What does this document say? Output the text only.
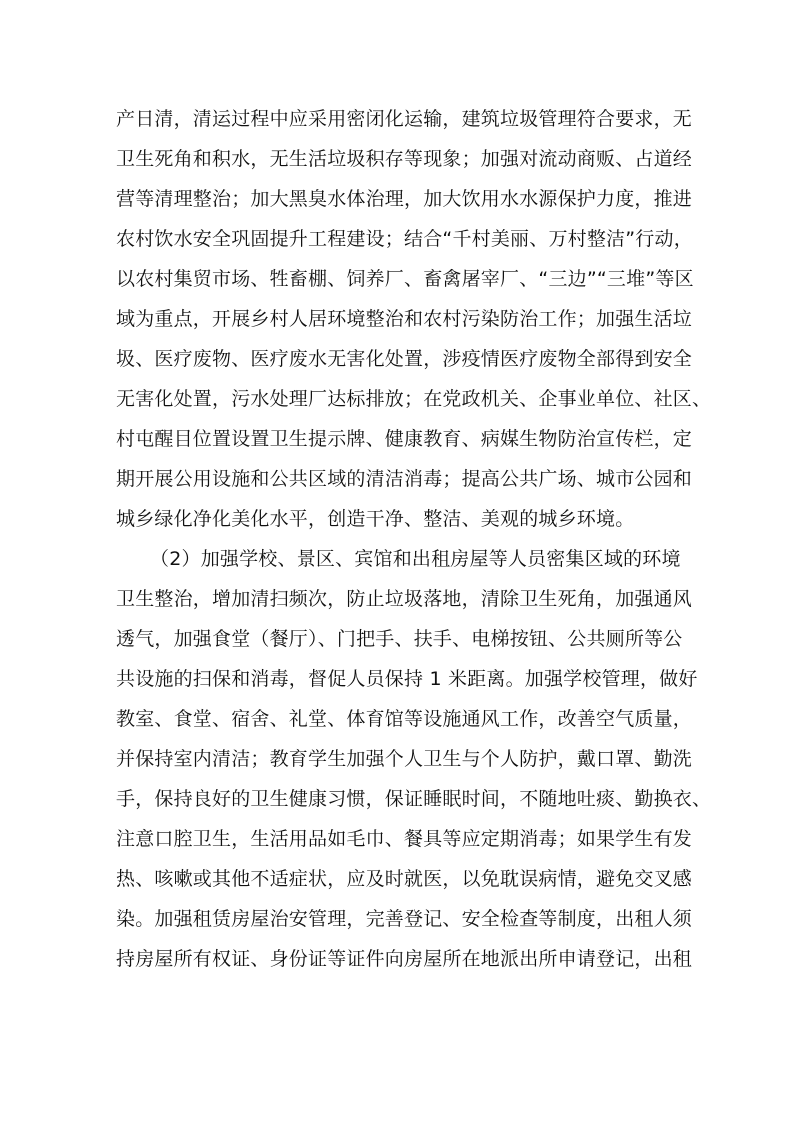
产日清，清运过程中应采用密闭化运输，建筑垃圾管理符合要求，无
卫生死角和积水，无生活垃圾积存等现象；加强对流动商贩、占道经
营等清理整治；加大黑臭水体治理，加大饮用水水源保护力度，推进
农村饮水安全巩固提升工程建设；结合“千村美丽、万村整洁”行动，
以农村集贸市场、牲畜棚、饲养厂、畜禽屠宰厂、“三边”“三堆”等区
域为重点，开展乡村人居环境整治和农村污染防治工作；加强生活垃
圾、医疗废物、医疗废水无害化处置，涉疫情医疗废物全部得到安全
无害化处置，污水处理厂达标排放；在党政机关、企事业单位、社区、
村屯醒目位置设置卫生提示牌、健康教育、病媒生物防治宣传栏，定
期开展公用设施和公共区域的清洁消毒；提高公共广场、城市公园和
城乡绿化净化美化水平，创造干净、整洁、美观的城乡环境。
（2）加强学校、景区、宾馆和出租房屋等人员密集区域的环境
卫生整治，增加清扫频次，防止垃圾落地，清除卫生死角，加强通风
透气，加强食堂（餐厅）、门把手、扶手、电梯按钮、公共厕所等公
共设施的扫保和消毒，督促人员保持 1 米距离。加强学校管理，做好
教室、食堂、宿舍、礼堂、体育馆等设施通风工作，改善空气质量，
并保持室内清洁；教育学生加强个人卫生与个人防护，戴口罩、勤洗
手，保持良好的卫生健康习惯，保证睡眠时间，不随地吐痰、勤换衣、
注意口腔卫生，生活用品如毛巾、餐具等应定期消毒；如果学生有发
热、咳嗽或其他不适症状，应及时就医，以免耽误病情，避免交叉感
染。加强租赁房屋治安管理，完善登记、安全检查等制度，出租人须
持房屋所有权证、身份证等证件向房屋所在地派出所申请登记，出租
